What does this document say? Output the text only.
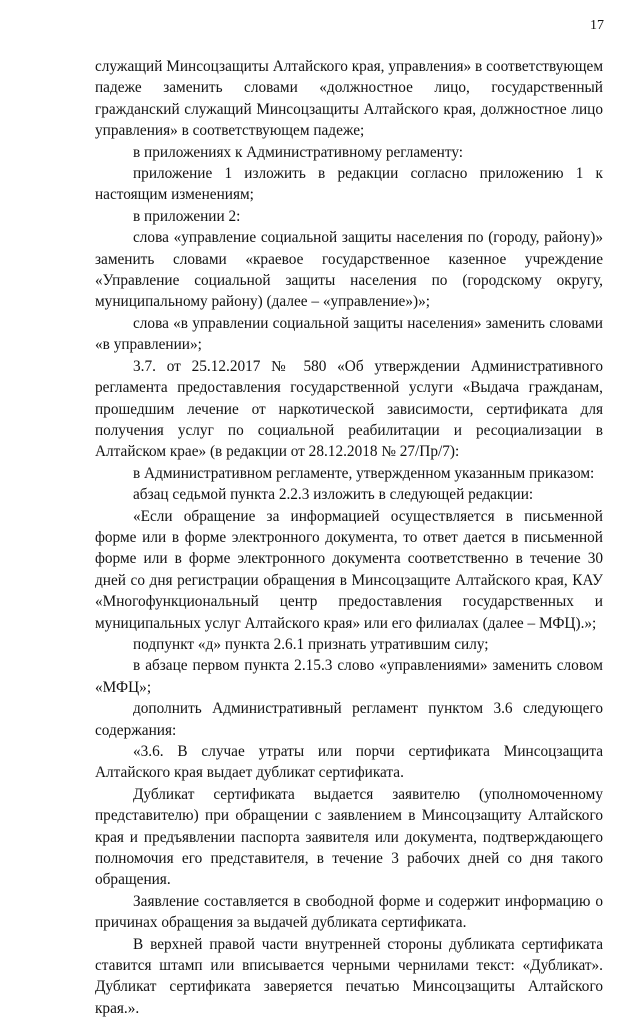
17

служащий Минсоцзащиты Алтайского края, управления» в соответствующем падеже заменить словами «должностное лицо, государственный гражданский служащий Минсоцзащиты Алтайского края, должностное лицо управления» в соответствующем падеже;

в приложениях к Административному регламенту:

приложение 1 изложить в редакции согласно приложению 1 к настоящим изменениям;

в приложении 2:

слова «управление социальной защиты населения по (городу, району)» заменить словами «краевое государственное казенное учреждение «Управление социальной защиты населения по (городскому округу, муниципальному району) (далее – «управление»)»;

слова «в управлении социальной защиты населения» заменить словами «в управлении»;

3.7. от 25.12.2017 № 580 «Об утверждении Административного регламента предоставления государственной услуги «Выдача гражданам, прошедшим лечение от наркотической зависимости, сертификата для получения услуг по социальной реабилитации и ресоциализации в Алтайском крае» (в редакции от 28.12.2018 № 27/Пр/7):

в Административном регламенте, утвержденном указанным приказом:

абзац седьмой пункта 2.2.3 изложить в следующей редакции:

«Если обращение за информацией осуществляется в письменной форме или в форме электронного документа, то ответ дается в письменной форме или в форме электронного документа соответственно в течение 30 дней со дня регистрации обращения в Минсоцзащите Алтайского края, КАУ «Многофункциональный центр предоставления государственных и муниципальных услуг Алтайского края» или его филиалах (далее – МФЦ).»;

подпункт «д» пункта 2.6.1 признать утратившим силу;

в абзаце первом пункта 2.15.3 слово «управлениями» заменить словом «МФЦ»;

дополнить Административный регламент пунктом 3.6 следующего содержания:

«3.6. В случае утраты или порчи сертификата Минсоцзащита Алтайского края выдает дубликат сертификата.

Дубликат сертификата выдается заявителю (уполномоченному представителю) при обращении с заявлением в Минсоцзащиту Алтайского края и предъявлении паспорта заявителя или документа, подтверждающего полномочия его представителя, в течение 3 рабочих дней со дня такого обращения.

Заявление составляется в свободной форме и содержит информацию о причинах обращения за выдачей дубликата сертификата.

В верхней правой части внутренней стороны дубликата сертификата ставится штамп или вписывается черными чернилами текст: «Дубликат». Дубликат сертификата заверяется печатью Минсоцзащиты Алтайского края.».
